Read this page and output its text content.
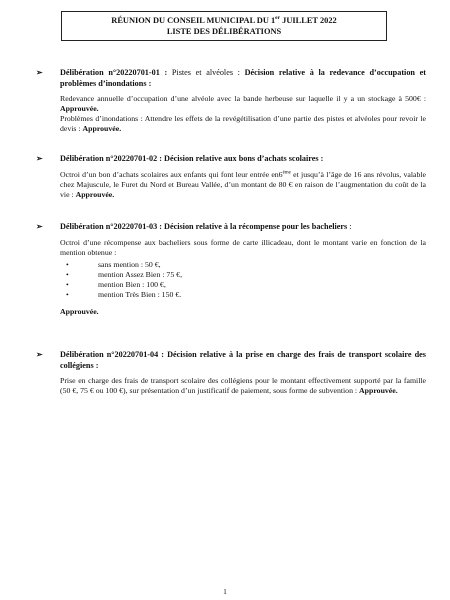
RÉUNION DU CONSEIL MUNICIPAL DU 1er JUILLET 2022
LISTE DES DÉLIBÉRATIONS
➢ Délibération n°20220701-01 : Pistes et alvéoles : Décision relative à la redevance d’occupation et problèmes d’inondations :
Redevance annuelle d’occupation d’une alvéole avec la bande herbeuse sur laquelle il y a un stockage à 500€ : Approuvée.
Problèmes d’inondations : Attendre les effets de la revégétilisation d’une partie des pistes et alvéoles pour revoir le devis : Approuvée.
➢ Délibération n°20220701-02 : Décision relative aux bons d’achats scolaires :
Octroi d’un bon d’achats scolaires aux enfants qui font leur entrée en6ème et jusqu’à l’âge de 16 ans révolus, valable chez Majuscule, le Furet du Nord et Bureau Vallée, d’un montant de 80 € en raison de l’augmentation du coût de la vie : Approuvée.
➢ Délibération n°20220701-03 : Décision relative à la récompense pour les bacheliers :
Octroi d’une récompense aux bacheliers sous forme de carte illicadeau, dont le montant varie en fonction de la mention obtenue :
•	sans mention : 50 €,
•	mention Assez Bien : 75 €,
•	mention Bien : 100 €,
•	mention Très Bien : 150 €.
Approuvée.
➢ Délibération n°20220701-04 : Décision relative à la prise en charge des frais de transport scolaire des collégiens :
Prise en charge des frais de transport scolaire des collégiens pour le montant effectivement supporté par la famille (50 €, 75 € ou 100 €), sur présentation d’un justificatif de paiement, sous forme de subvention : Approuvée.
1
